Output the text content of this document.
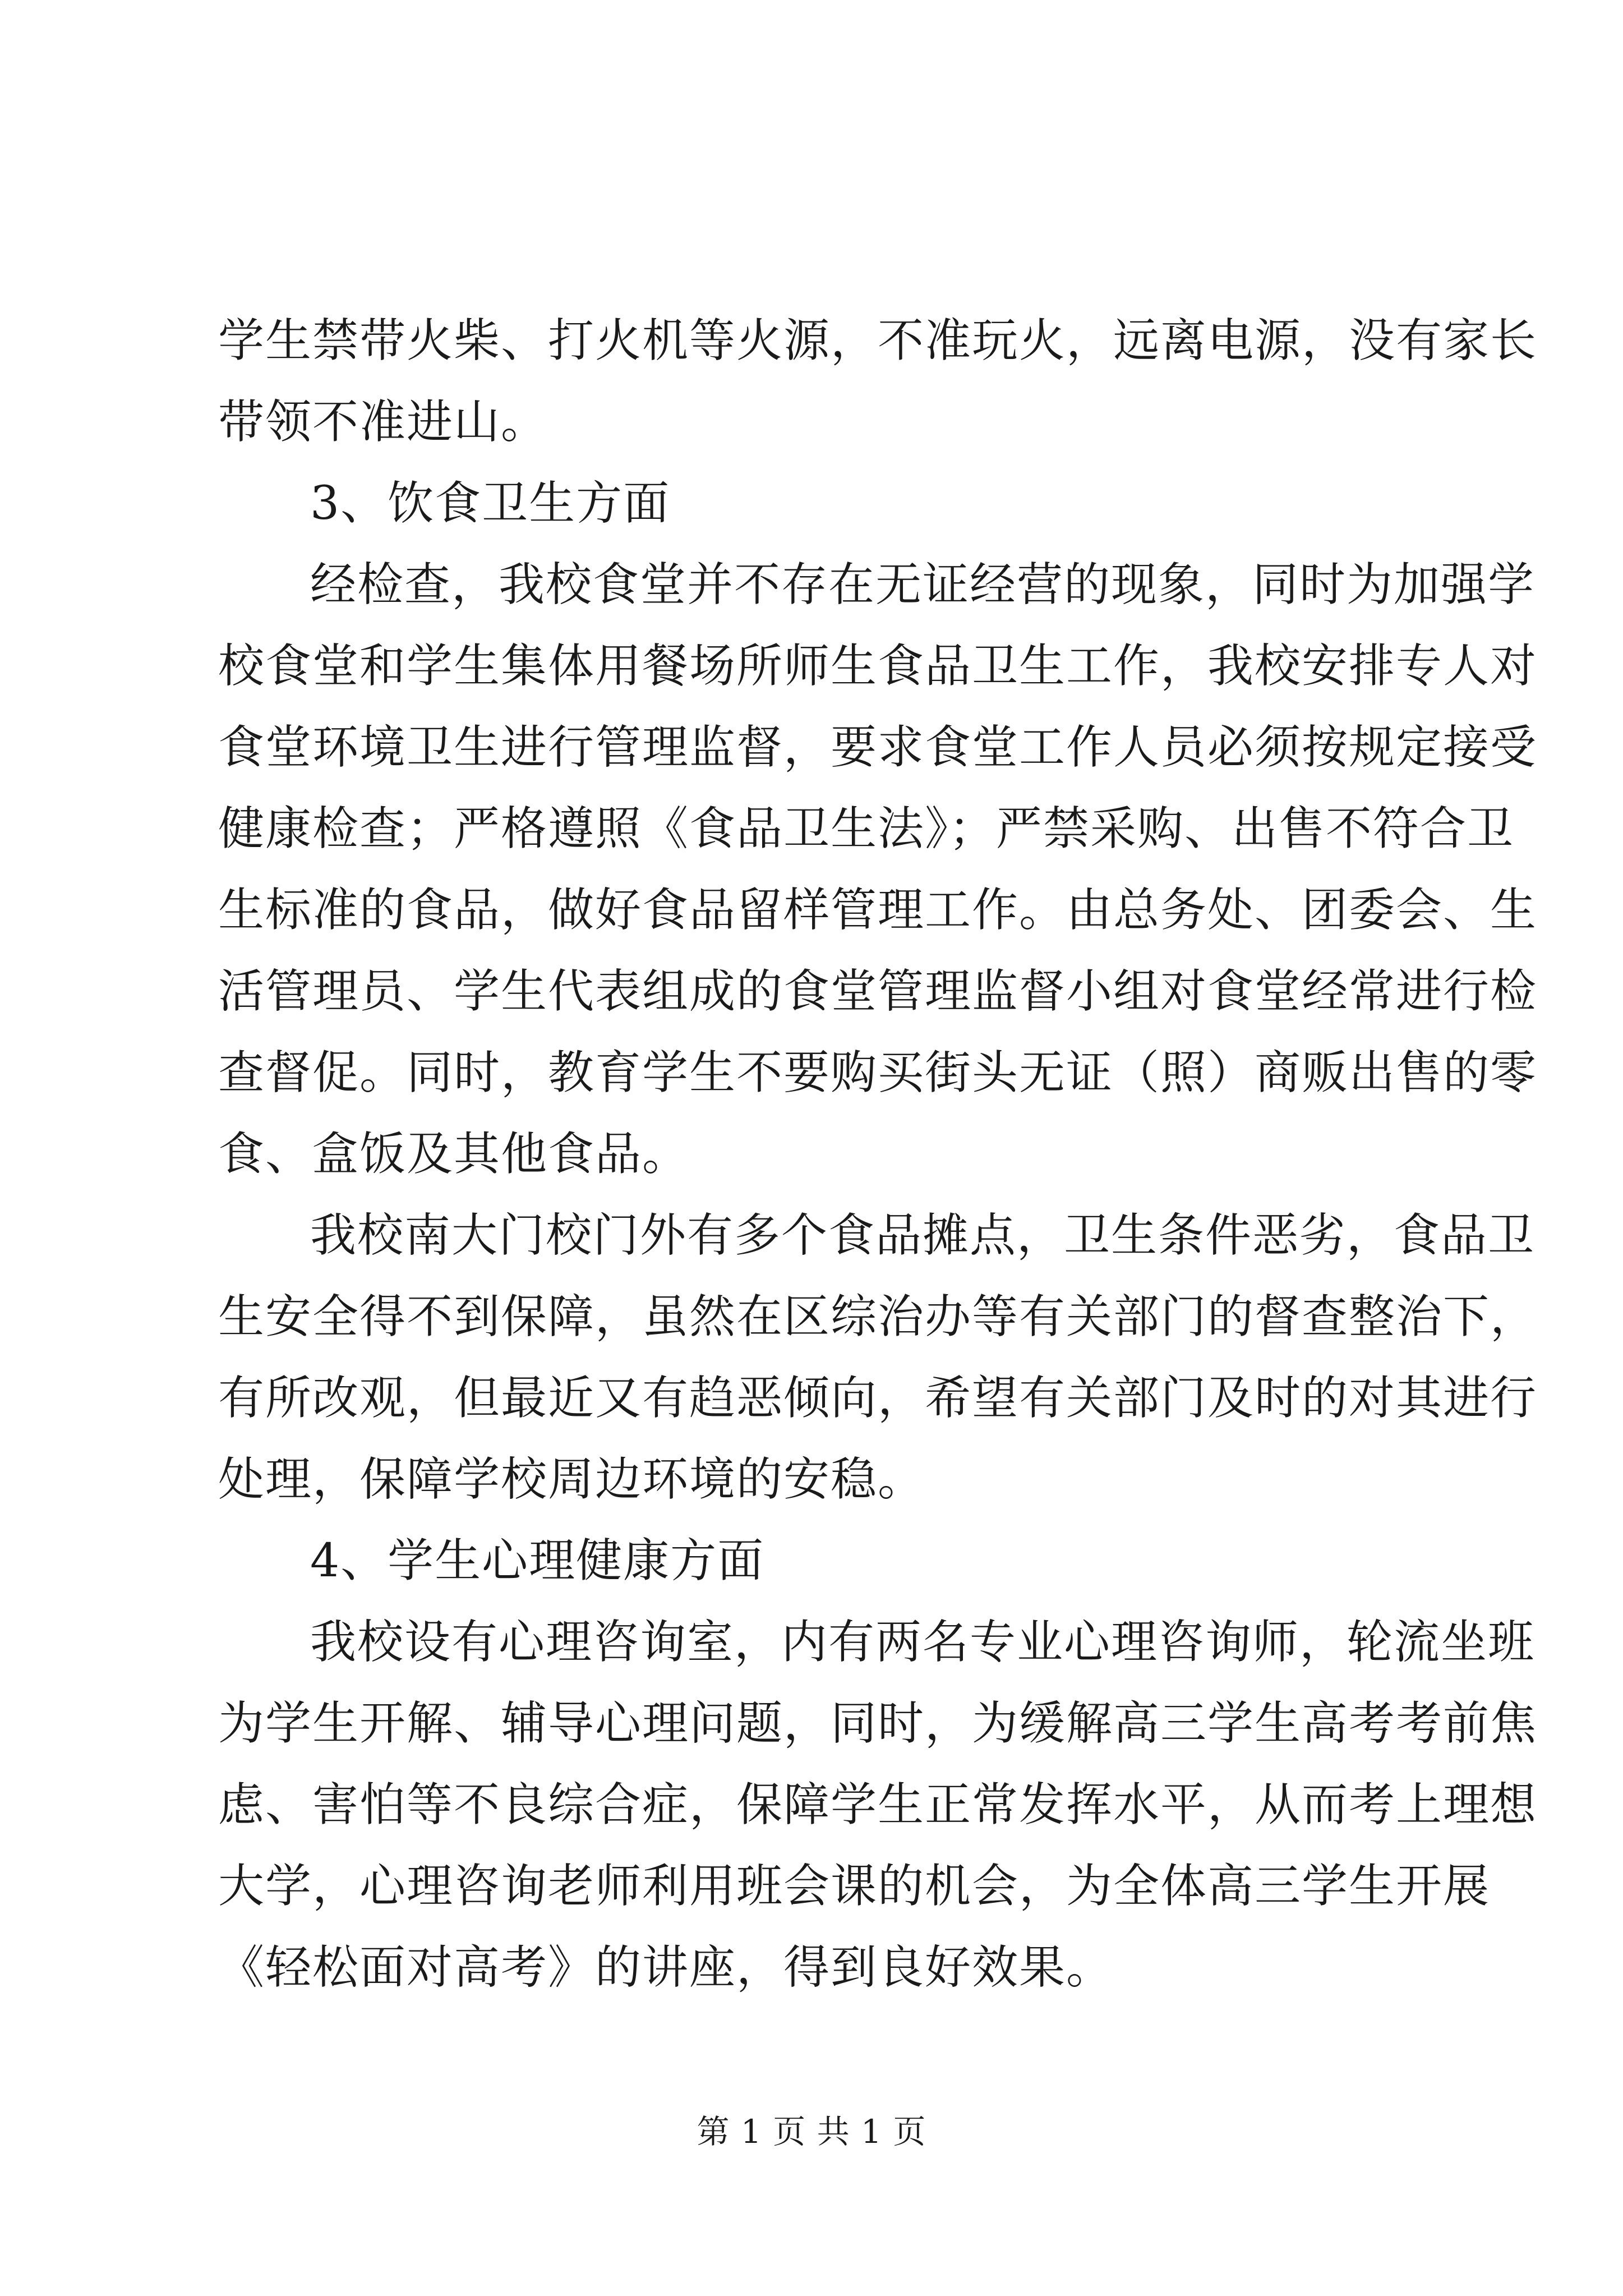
学生禁带火柴、打火机等火源，不准玩火，远离电源，没有家长
带领不准进山。
3、饮食卫生方面
经检查，我校食堂并不存在无证经营的现象，同时为加强学
校食堂和学生集体用餐场所师生食品卫生工作，我校安排专人对
食堂环境卫生进行管理监督，要求食堂工作人员必须按规定接受
健康检查；严格遵照《食品卫生法》；严禁采购、出售不符合卫
生标准的食品，做好食品留样管理工作。由总务处、团委会、生
活管理员、学生代表组成的食堂管理监督小组对食堂经常进行检
查督促。同时，教育学生不要购买街头无证（照）商贩出售的零
食、盒饭及其他食品。
我校南大门校门外有多个食品摊点，卫生条件恶劣，食品卫
生安全得不到保障，虽然在区综治办等有关部门的督查整治下，
有所改观，但最近又有趋恶倾向，希望有关部门及时的对其进行
处理，保障学校周边环境的安稳。
4、学生心理健康方面
我校设有心理咨询室，内有两名专业心理咨询师，轮流坐班
为学生开解、辅导心理问题，同时，为缓解高三学生高考考前焦
虑、害怕等不良综合症，保障学生正常发挥水平，从而考上理想
大学，心理咨询老师利用班会课的机会，为全体高三学生开展
《轻松面对高考》的讲座，得到良好效果。
第 1 页 共 1 页
